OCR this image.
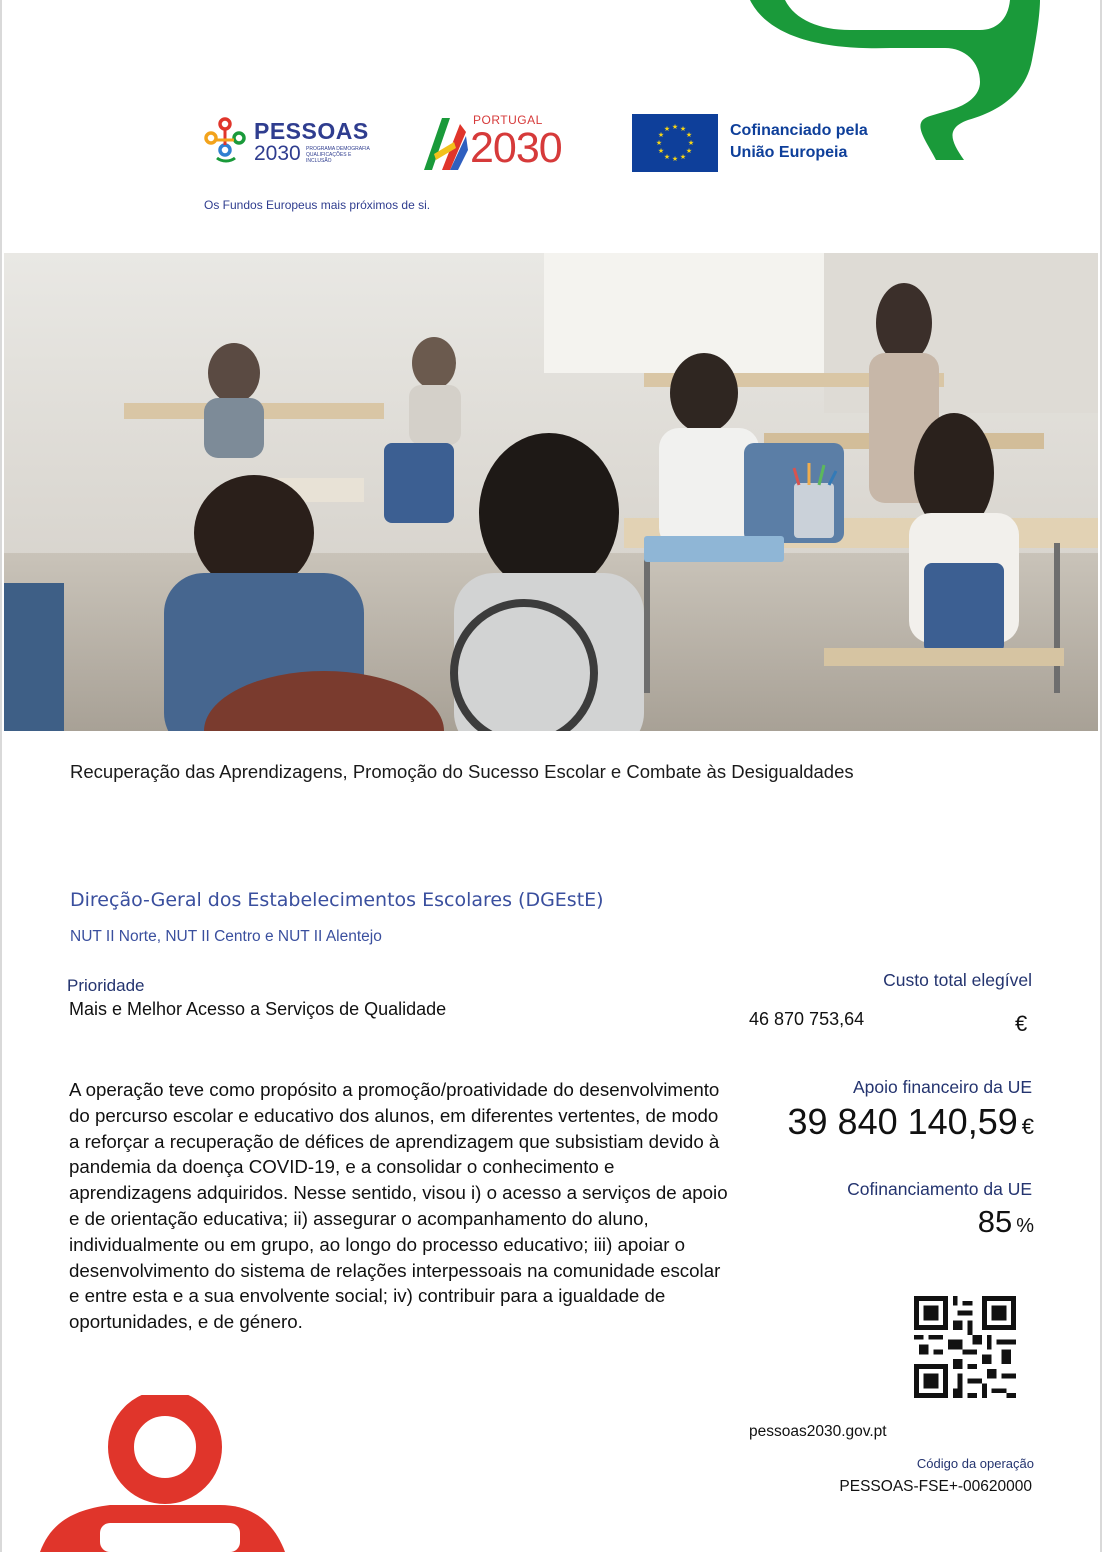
PESSOAS
2030 PROGRAMA DEMOGRAFIA QUALIFICAÇÕES E INCLUSÃO
Os Fundos Europeus mais próximos de si.
PORTUGAL
2030	★ ★
★
★
★
★
★
★
★
★
★
★	Cofinanciado pela União Europeia
Recuperação das Aprendizagens, Promoção do Sucesso Escolar e Combate às Desigualdades
Direção-Geral dos Estabelecimentos Escolares (DGEstE)
NUT II Norte, NUT II Centro e NUT II Alentejo
Prioridade
Mais e Melhor Acesso a Serviços de Qualidade
A operação teve como propósito a promoção/proatividade do desenvolvimento do percurso escolar e educativo dos alunos, em diferentes vertentes, de modo a reforçar a recuperação de défices de aprendizagem que subsistiam devido à pandemia da doença COVID-19, e a consolidar o conhecimento e aprendizagens adquiridos. Nesse sentido, visou i) o acesso a serviços de apoio e de orientação educativa; ii) assegurar o acompanhamento do aluno, individualmente ou em grupo, ao longo do processo educativo; iii) apoiar o desenvolvimento do sistema de relações interpessoais na comunidade escolar e entre esta e a sua envolvente social; iv) contribuir para a igualdade de oportunidades, e de género.
Custo total elegível
46 870 753,64	€
Apoio financeiro da UE
39 840 140,59 €
Cofinanciamento da UE
85 %
pessoas2030.gov.pt
Código da operação
PESSOAS-FSE+-00620000
